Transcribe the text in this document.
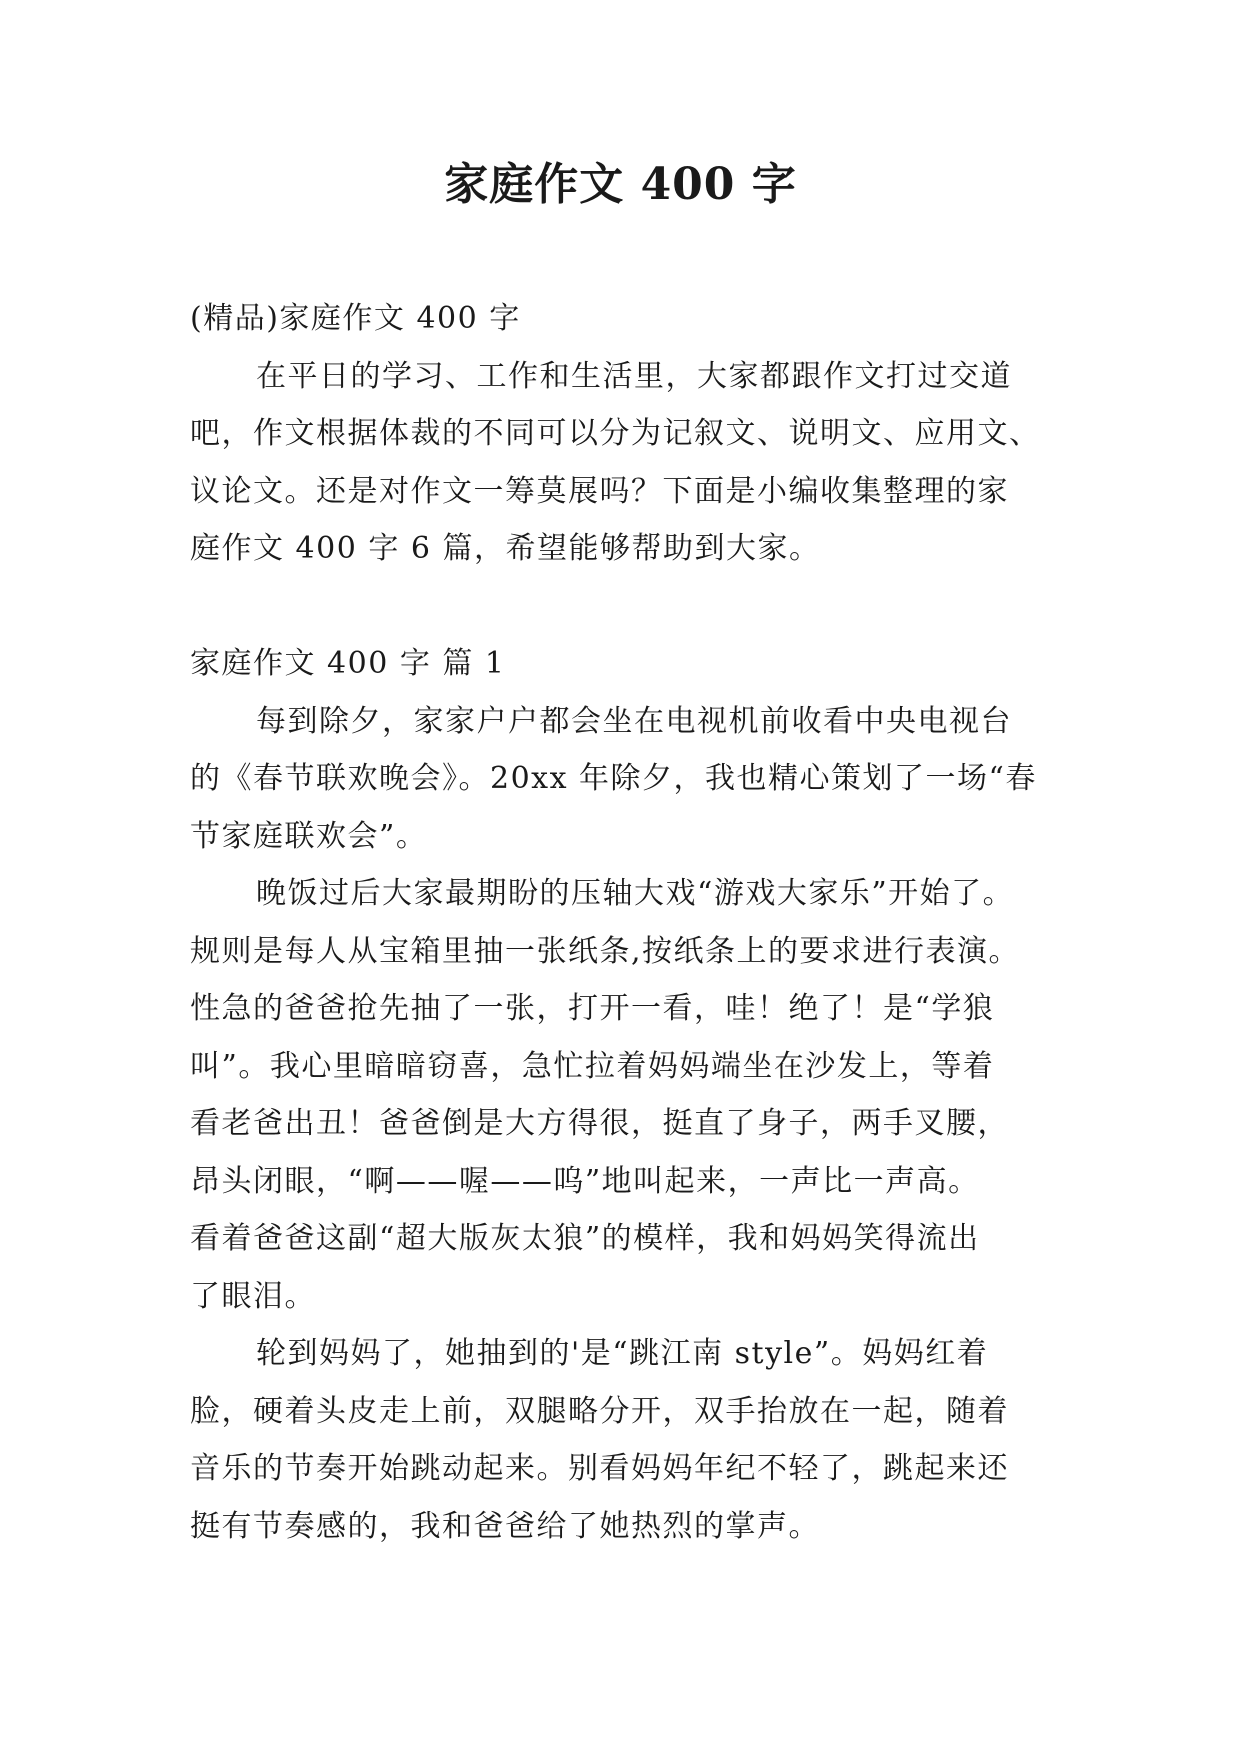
家庭作文 400 字
(精品)家庭作文 400 字
在平日的学习、工作和生活里，大家都跟作文打过交道
吧，作文根据体裁的不同可以分为记叙文、说明文、应用文、
议论文。还是对作文一筹莫展吗？下面是小编收集整理的家
庭作文 400 字 6 篇，希望能够帮助到大家。
家庭作文 400 字 篇 1
每到除夕，家家户户都会坐在电视机前收看中央电视台
的《春节联欢晚会》。20xx 年除夕，我也精心策划了一场“春
节家庭联欢会”。
晚饭过后大家最期盼的压轴大戏“游戏大家乐”开始了。
规则是每人从宝箱里抽一张纸条,按纸条上的要求进行表演。
性急的爸爸抢先抽了一张，打开一看，哇！绝了！是“学狼
叫”。我心里暗暗窃喜，急忙拉着妈妈端坐在沙发上，等着
看老爸出丑！爸爸倒是大方得很，挺直了身子，两手叉腰，
昂头闭眼，“啊——喔——呜”地叫起来，一声比一声高。
看着爸爸这副“超大版灰太狼”的模样，我和妈妈笑得流出
了眼泪。
轮到妈妈了，她抽到的'是“跳江南 style”。妈妈红着
脸，硬着头皮走上前，双腿略分开，双手抬放在一起，随着
音乐的节奏开始跳动起来。别看妈妈年纪不轻了，跳起来还
挺有节奏感的，我和爸爸给了她热烈的掌声。
